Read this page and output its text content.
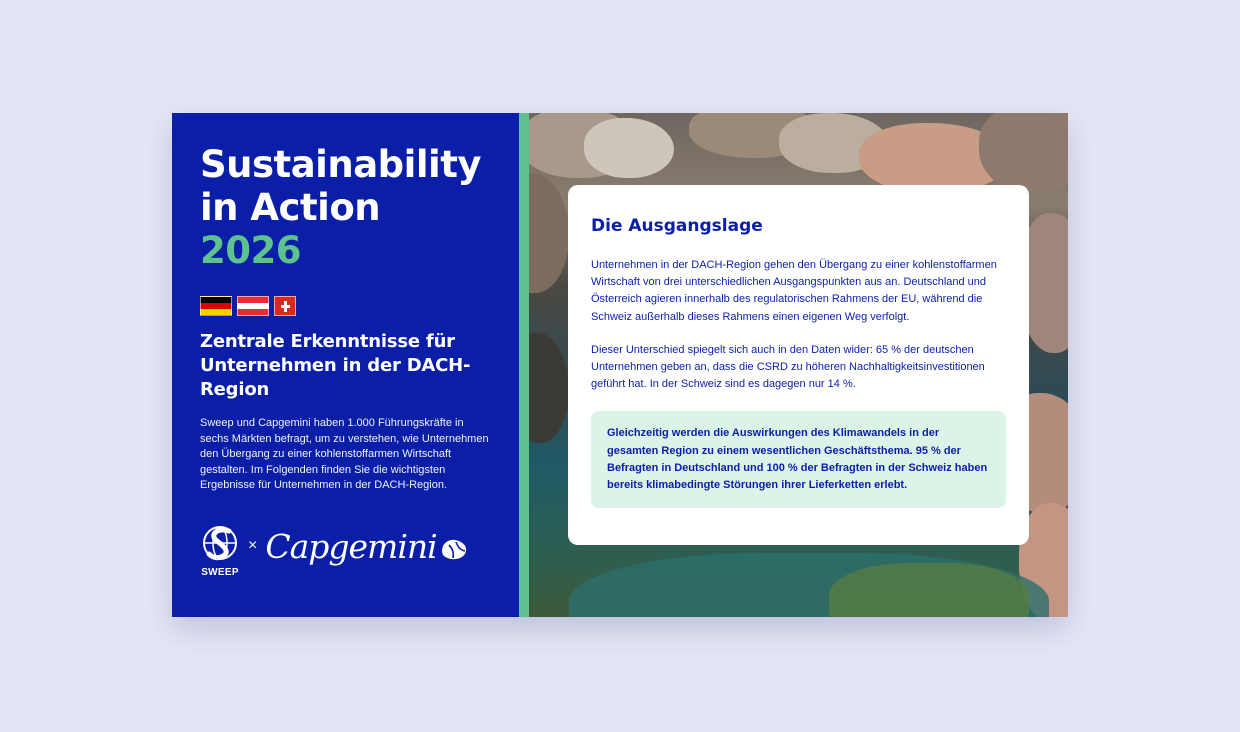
Sustainability
in Action
2026
Zentrale Erkenntnisse für Unternehmen in der DACH-Region
Sweep und Capgemini haben 1.000 Führungskräfte in sechs Märkten befragt, um zu verstehen, wie Unternehmen den Übergang zu einer kohlenstoffarmen Wirtschaft gestalten. Im Folgenden finden Sie die wichtigsten Ergebnisse für Unternehmen in der DACH-Region.
SWEEP
× Capgemini
Die Ausgangslage

Unternehmen in der DACH-Region gehen den Übergang zu einer kohlenstoffarmen Wirtschaft von drei unterschiedlichen Ausgangspunkten aus an. Deutschland und Österreich agieren innerhalb des regulatorischen Rahmens der EU, während die Schweiz außerhalb dieses Rahmens einen eigenen Weg verfolgt.

Dieser Unterschied spiegelt sich auch in den Daten wider: 65 % der deutschen Unternehmen geben an, dass die CSRD zu höheren Nachhaltigkeitsinvestitionen geführt hat. In der Schweiz sind es dagegen nur 14 %.

Gleichzeitig werden die Auswirkungen des Klimawandels in der gesamten Region zu einem wesentlichen Geschäftsthema. 95 % der Befragten in Deutschland und 100 % der Befragten in der Schweiz haben bereits klimabedingte Störungen ihrer Lieferketten erlebt.
